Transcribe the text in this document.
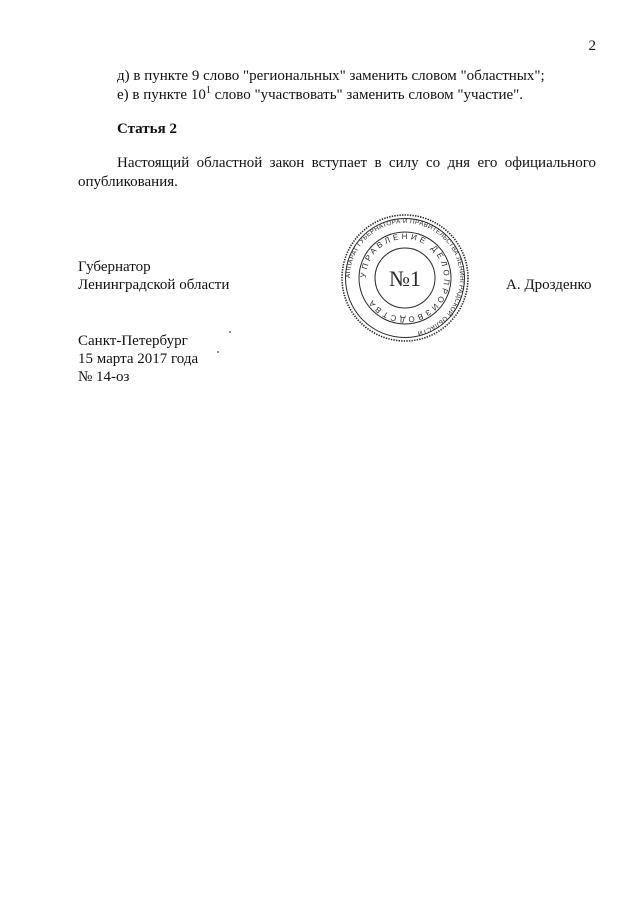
2
д) в пункте 9 слово "региональных" заменить словом "областных";
е) в пункте $10^1$ слово "участвовать" заменить словом "участие".
Статья 2
Настоящий областной закон вступает в силу со дня его официального
опубликования.
Губернатор
Ленинградской области	А. Дрозденко
АППАРАТ ГУБЕРНАТОРА И ПРАВИТЕЛЬСТВА ЛЕНИНГРАДСКОЙ ОБЛАСТИ
УПРАВЛЕНИЕ ДЕЛОПРОИЗВОДСТВА
№1
Санкт-Петербург
15 марта 2017 года
№ 14-оз
